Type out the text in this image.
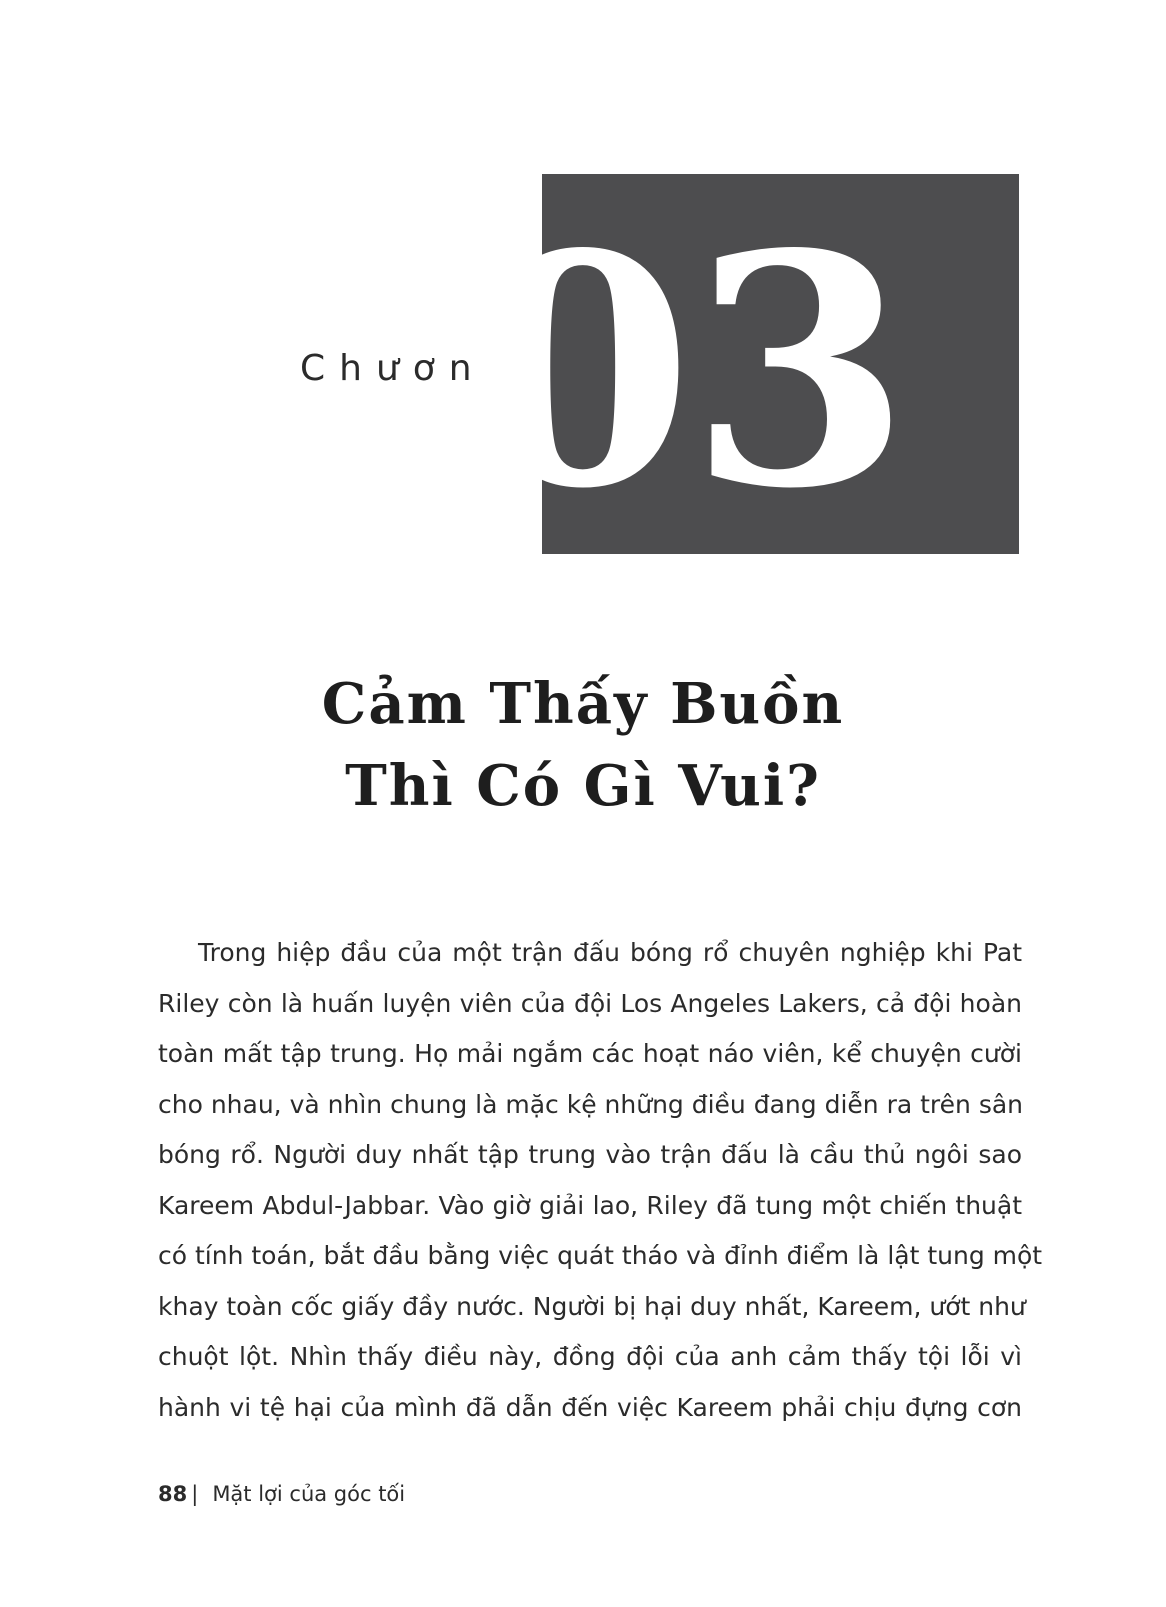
Chương
03
Cảm Thấy Buồn
Thì Có Gì Vui?

Trong hiệp đầu của một trận đấu bóng rổ chuyên nghiệp khi Pat
Riley còn là huấn luyện viên của đội Los Angeles Lakers, cả đội hoàn
toàn mất tập trung. Họ mải ngắm các hoạt náo viên, kể chuyện cười
cho nhau, và nhìn chung là mặc kệ những điều đang diễn ra trên sân
bóng rổ. Người duy nhất tập trung vào trận đấu là cầu thủ ngôi sao
Kareem Abdul-Jabbar. Vào giờ giải lao, Riley đã tung một chiến thuật
có tính toán, bắt đầu bằng việc quát tháo và đỉnh điểm là lật tung một
khay toàn cốc giấy đầy nước. Người bị hại duy nhất, Kareem, ướt như
chuột lột. Nhìn thấy điều này, đồng đội của anh cảm thấy tội lỗi vì
hành vi tệ hại của mình đã dẫn đến việc Kareem phải chịu đựng cơn

88 | Mặt lợi của góc tối
